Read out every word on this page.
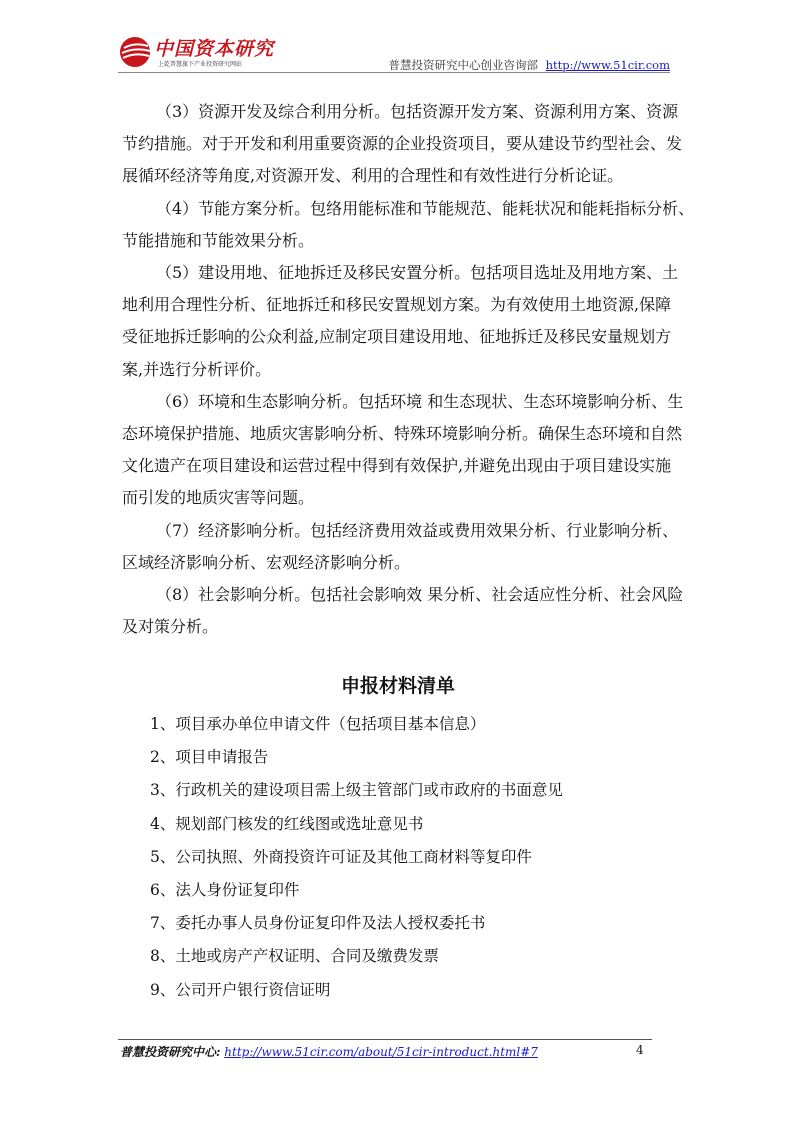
中国资本研究
上乾普慧旗下产业投资研究网站	普慧投资研究中心创业咨询部 http://www.51cir.com
（3）资源开发及综合利用分析。包括资源开发方案、资源利用方案、资源
节约措施。对于开发和利用重要资源的企业投资项目，要从建设节约型社会、发
展循环经济等角度,对资源开发、利用的合理性和有效性进行分析论证。
（4）节能方案分析。包络用能标准和节能规范、能耗状况和能耗指标分析、
节能措施和节能效果分析。
（5）建设用地、征地拆迁及移民安置分析。包括项目选址及用地方案、土
地利用合理性分析、征地拆迁和移民安置规划方案。为有效使用土地资源,保障
受征地拆迁影响的公众利益,应制定项目建设用地、征地拆迁及移民安量规划方
案,并选行分析评价。
（6）环境和生态影响分析。包括环境 和生态现状、生态环境影响分析、生
态环境保护措施、地质灾害影响分析、特殊环境影响分析。确保生态环境和自然
文化遗产在项目建设和运营过程中得到有效保护,并避免出现由于项目建设实施
而引发的地质灾害等问题。
（7）经济影响分析。包括经济费用效益或费用效果分析、行业影响分析、
区域经济影响分析、宏观经济影响分析。
（8）社会影响分析。包括社会影响效 果分析、社会适应性分析、社会风险
及对策分析。
申报材料清单
1、项目承办单位申请文件（包括项目基本信息）
2、项目申请报告
3、行政机关的建设项目需上级主管部门或市政府的书面意见
4、规划部门核发的红线图或选址意见书
5、公司执照、外商投资许可证及其他工商材料等复印件
6、法人身份证复印件
7、委托办事人员身份证复印件及法人授权委托书
8、土地或房产产权证明、合同及缴费发票
9、公司开户银行资信证明
普慧投资研究中心: http://www.51cir.com/about/51cir-introduct.html#7	4
